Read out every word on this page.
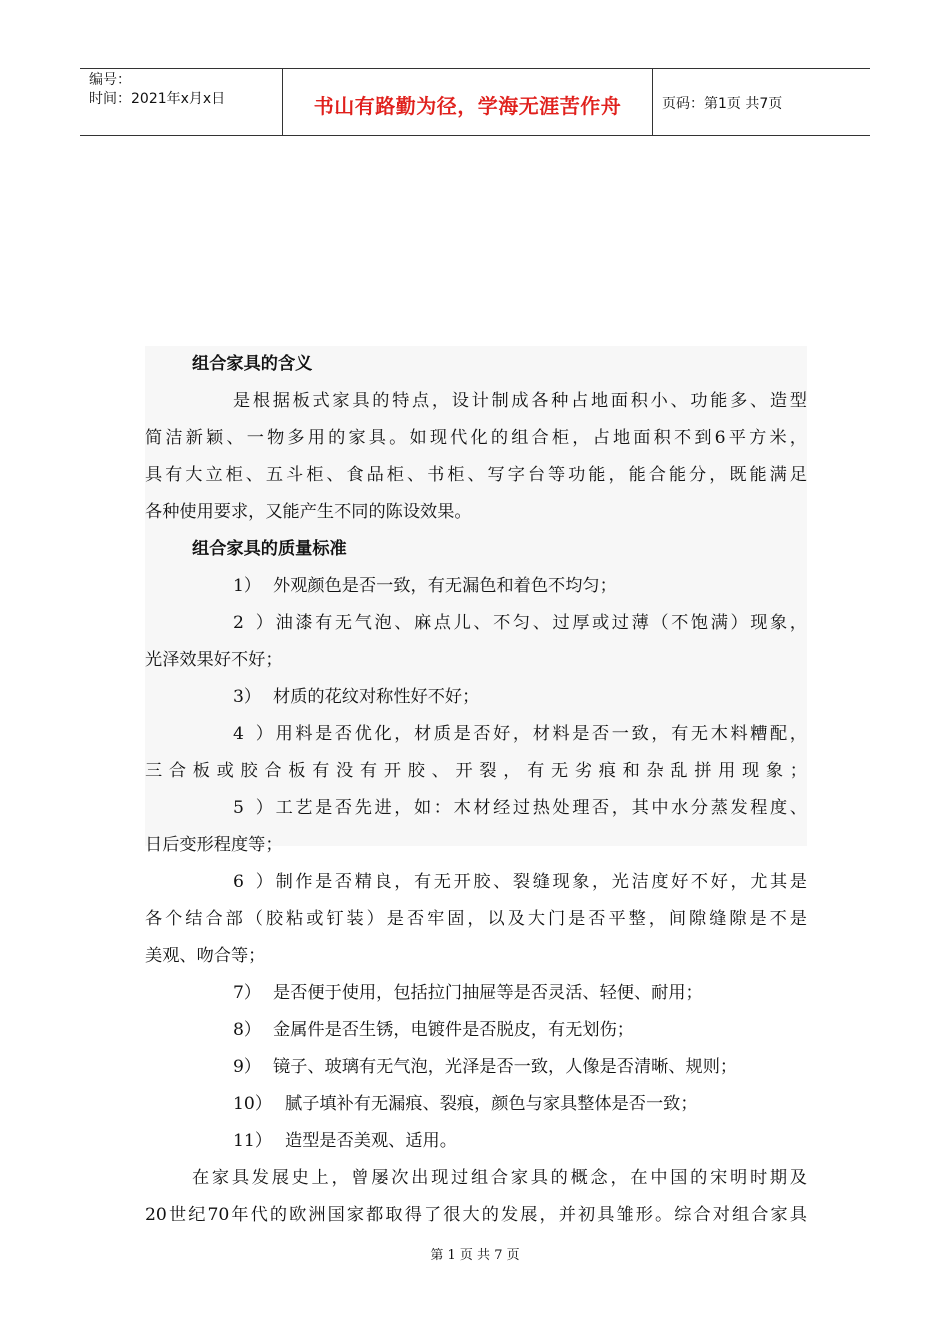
编号：
时间：2021年x月x日	书山有路勤为径，学海无涯苦作舟	页码：第1页 共7页
组合家具的含义
是根据板式家具的特点，设计制成各种占地面积小、功能多、造型
简洁新颖、一物多用的家具。如现代化的组合柜，占地面积不到6平方米，
具有大立柜、五斗柜、食品柜、书柜、写字台等功能，能合能分，既能满足
各种使用要求，又能产生不同的陈设效果。
组合家具的质量标准
1） 外观颜色是否一致，有无漏色和着色不均匀；
2）油漆有无气泡、麻点儿、不匀、过厚或过薄（不饱满）现象，
光泽效果好不好；
3） 材质的花纹对称性好不好；
4）用料是否优化，材质是否好，材料是否一致，有无木料糟配，
三合板或胶合板有没有开胶、开裂，有无劣痕和杂乱拼用现象；
5）工艺是否先进，如：木材经过热处理否，其中水分蒸发程度、
日后变形程度等；
6）制作是否精良，有无开胶、裂缝现象，光洁度好不好，尤其是
各个结合部（胶粘或钉装）是否牢固，以及大门是否平整，间隙缝隙是不是
美观、吻合等；
7） 是否便于使用，包括拉门抽屉等是否灵活、轻便、耐用；
8） 金属件是否生锈，电镀件是否脱皮，有无划伤；
9） 镜子、玻璃有无气泡，光泽是否一致，人像是否清晰、规则；
10） 腻子填补有无漏痕、裂痕，颜色与家具整体是否一致；
11） 造型是否美观、适用。
在家具发展史上，曾屡次出现过组合家具的概念，在中国的宋明时期及
20世纪70年代的欧洲国家都取得了很大的发展，并初具雏形。综合对组合家具
第 1 页 共 7 页
